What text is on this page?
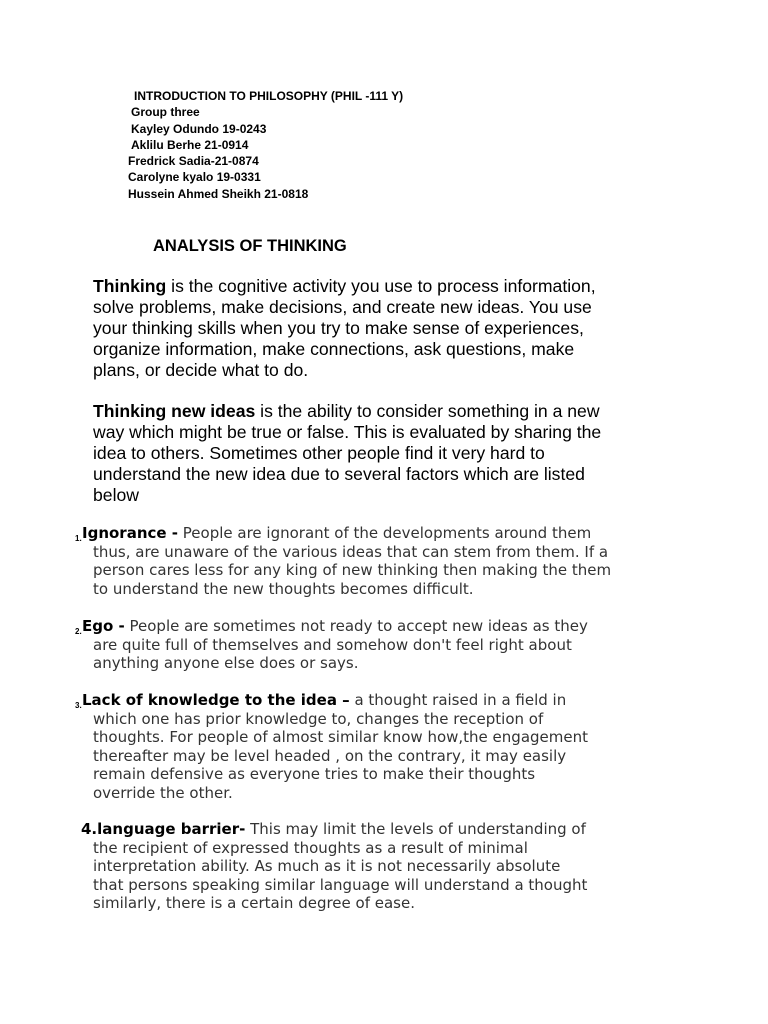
INTRODUCTION TO PHILOSOPHY (PHIL -111 Y)
Group three
Kayley Odundo 19-0243
Aklilu Berhe 21-0914
Fredrick Sadia-21-0874
Carolyne kyalo 19-0331
Hussein Ahmed Sheikh 21-0818
ANALYSIS OF THINKING
Thinking is the cognitive activity you use to process information,
solve problems, make decisions, and create new ideas. You use
your thinking skills when you try to make sense of experiences,
organize information, make connections, ask questions, make
plans, or decide what to do.
Thinking new ideas is the ability to consider something in a new
way which might be true or false. This is evaluated by sharing the
idea to others. Sometimes other people find it very hard to
understand the new idea due to several factors which are listed
below
1. Ignorance - People are ignorant of the developments around them
thus, are unaware of the various ideas that can stem from them. If a
person cares less for any king of new thinking then making the them
to understand the new thoughts becomes difficult.
2. Ego - People are sometimes not ready to accept new ideas as they
are quite full of themselves and somehow don't feel right about
anything anyone else does or says.
3. Lack of knowledge to the idea – a thought raised in a field in
which one has prior knowledge to, changes the reception of
thoughts. For people of almost similar know how,the engagement
thereafter may be level headed , on the contrary, it may easily
remain defensive as everyone tries to make their thoughts
override the other.
4.language barrier- This may limit the levels of understanding of
the recipient of expressed thoughts as a result of minimal
interpretation ability. As much as it is not necessarily absolute
that persons speaking similar language will understand a thought
similarly, there is a certain degree of ease.
